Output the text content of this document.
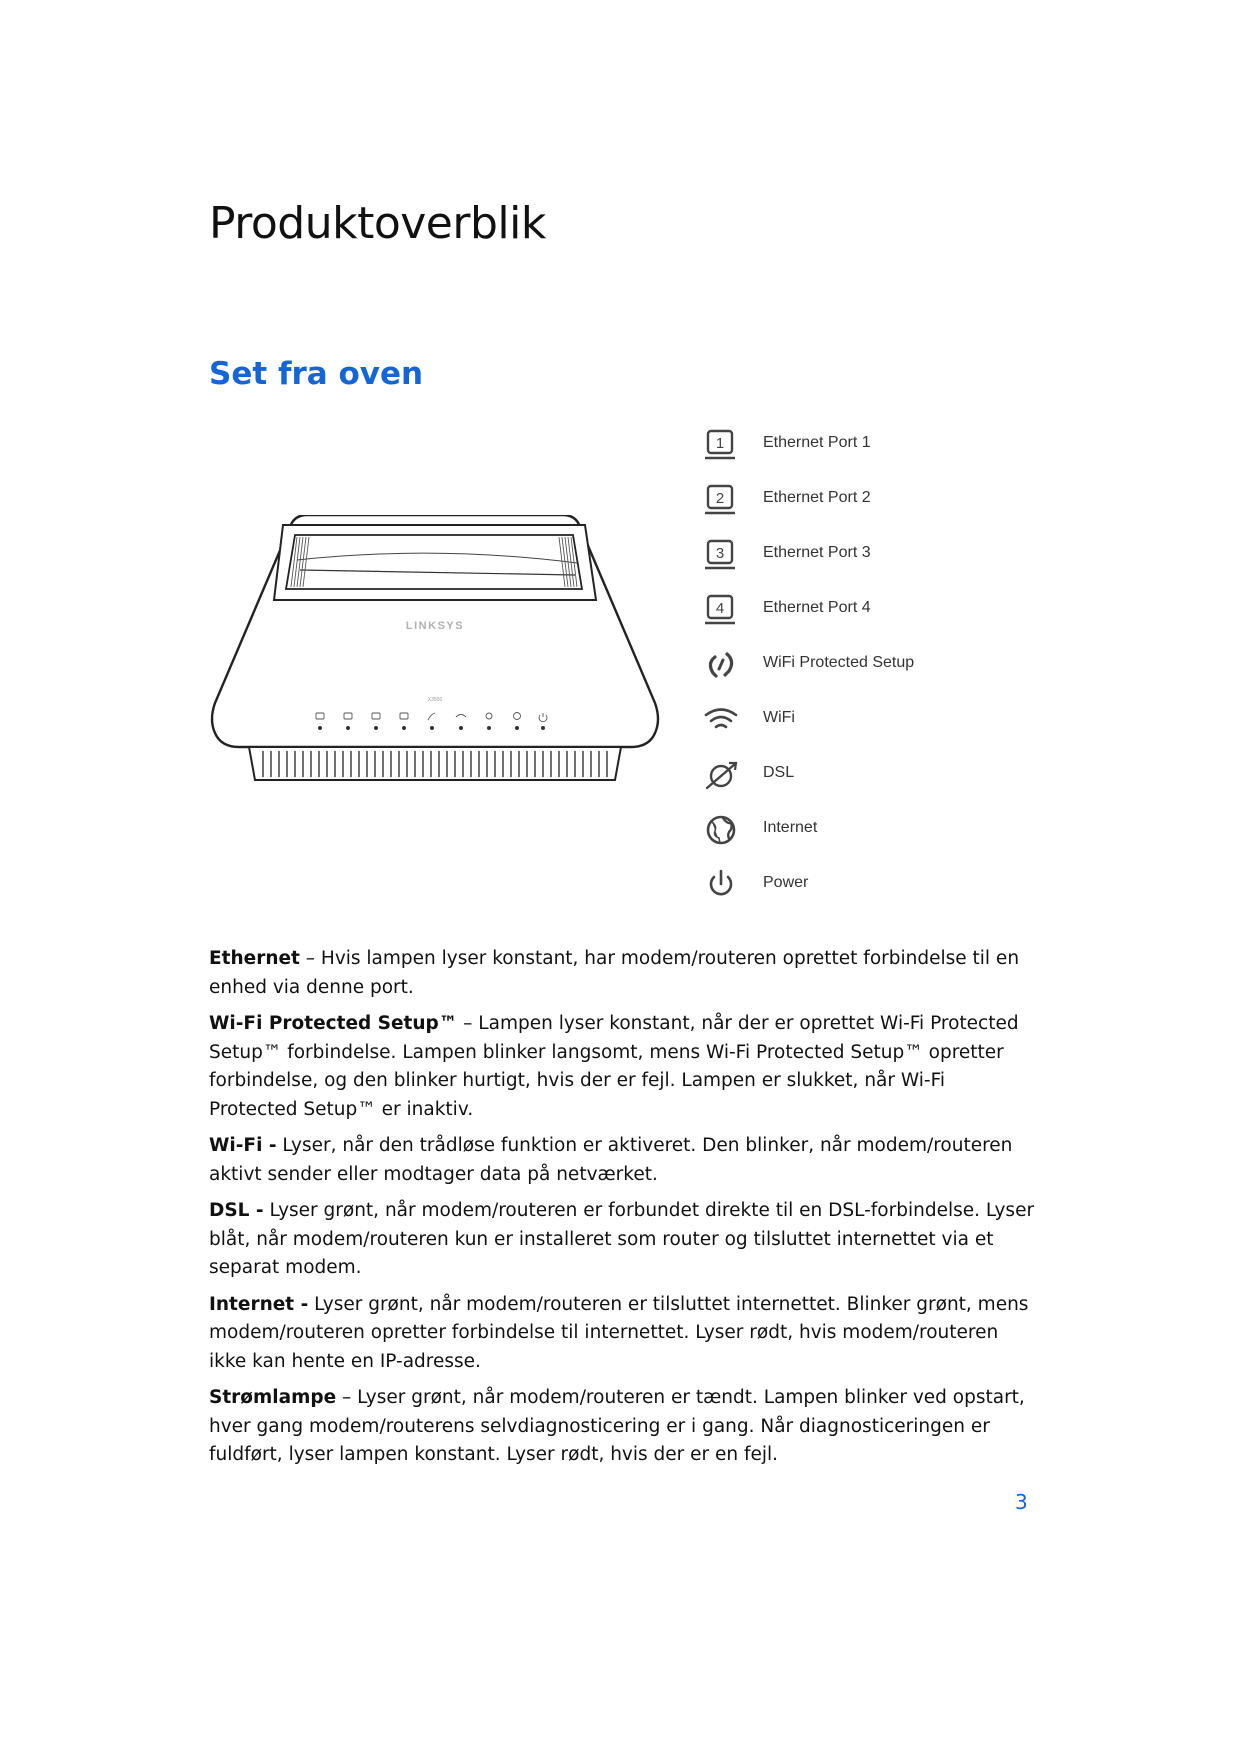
Produktoverblik
Set fra oven
LINKSYS
X3500
1 Ethernet Port 1
2 Ethernet Port 2
3 Ethernet Port 3
4 Ethernet Port 4
WiFi Protected Setup
WiFi
DSL
Internet
Power

Ethernet – Hvis lampen lyser konstant, har modem/routeren oprettet forbindelse til en enhed via denne port.

Wi-Fi Protected Setup™ – Lampen lyser konstant, når der er oprettet Wi-Fi Protected Setup™ forbindelse. Lampen blinker langsomt, mens Wi-Fi Protected Setup™ opretter forbindelse, og den blinker hurtigt, hvis der er fejl. Lampen er slukket, når Wi-Fi Protected Setup™ er inaktiv.

Wi-Fi - Lyser, når den trådløse funktion er aktiveret. Den blinker, når modem/routeren aktivt sender eller modtager data på netværket.

DSL - Lyser grønt, når modem/routeren er forbundet direkte til en DSL-forbindelse. Lyser blåt, når modem/routeren kun er installeret som router og tilsluttet internettet via et separat modem.

Internet - Lyser grønt, når modem/routeren er tilsluttet internettet. Blinker grønt, mens modem/routeren opretter forbindelse til internettet. Lyser rødt, hvis modem/routeren ikke kan hente en IP-adresse.

Strømlampe – Lyser grønt, når modem/routeren er tændt. Lampen blinker ved opstart, hver gang modem/routerens selvdiagnosticering er i gang. Når diagnosticeringen er fuldført, lyser lampen konstant. Lyser rødt, hvis der er en fejl.

3
